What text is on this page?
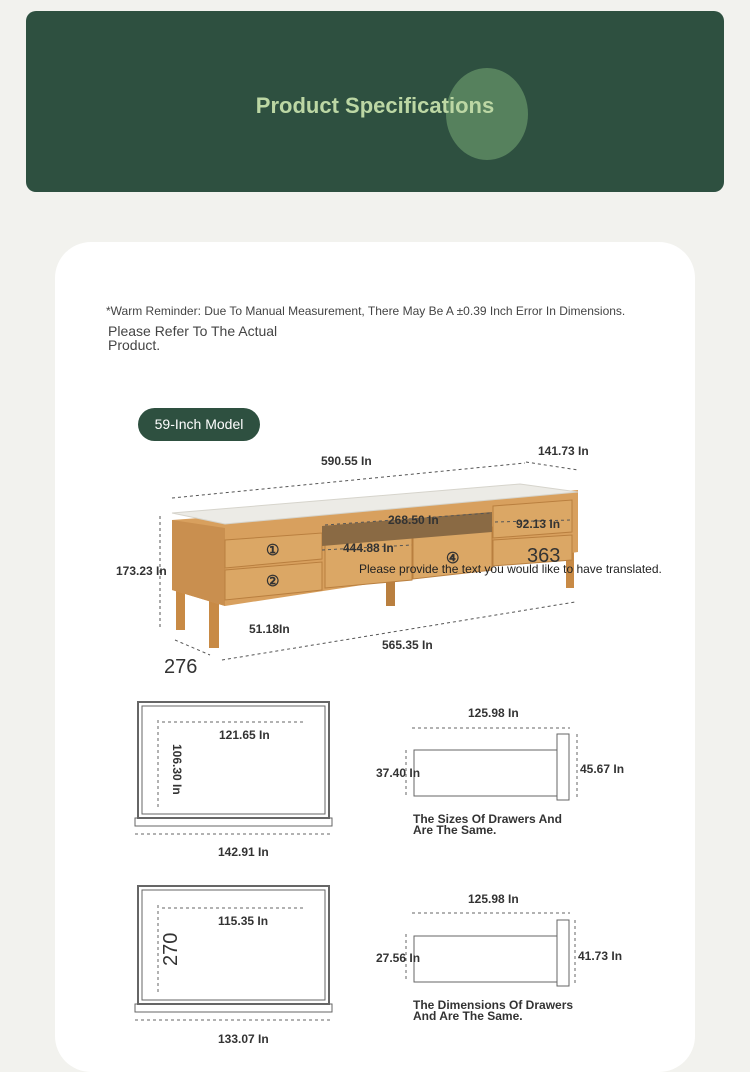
Product Specifications
*Warm Reminder: Due To Manual Measurement, There May Be A ±0.39 Inch Error In Dimensions.
Please Refer To The Actual Product.
59-Inch Model
590.55 In
141.73 In
173.23 In
565.35 In
51.18In
276
268.50 In
444.88 In
92.13 In
363
①
②
④
Please provide the text you would like to have translated.
121.65 In
106.30 In
142.91 In
125.98 In
37.40 In	45.67 In
The Sizes Of Drawers And Are The Same.
115.35 In
270
133.07 In
125.98 In
27.56 In	41.73 In
The Dimensions Of Drawers And Are The Same.
